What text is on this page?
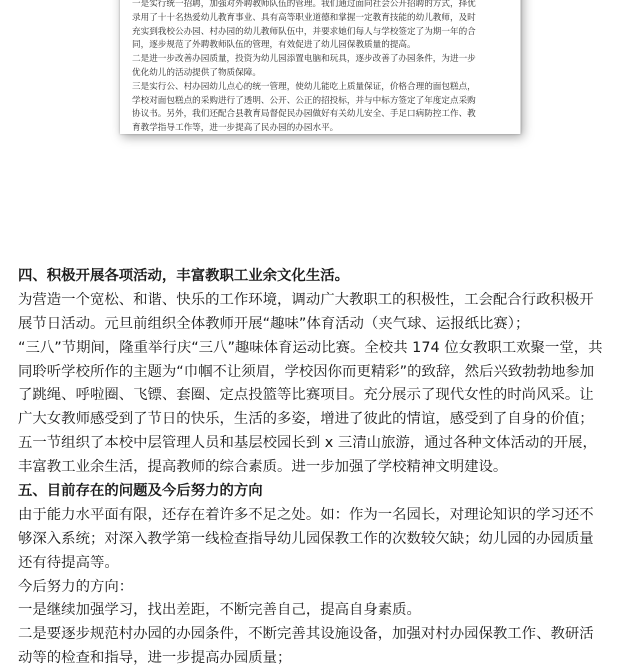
一是实行统一招聘，加强对外聘教师队伍的管理。我们通过面向社会公开招聘的方式，择优
录用了十十名热爱幼儿教育事业、具有高等职业道德和掌握一定教育技能的幼儿教师，及时
充实到我校公办园、村办园的幼儿教师队伍中，并要求她们每人与学校签定了为期一年的合
同，逐步规范了外聘教师队伍的管理，有效促进了幼儿园保教质量的提高。
二是进一步改善办园质量，投资为幼儿园添置电脑和玩具，逐步改善了办园条件，为进一步
优化幼儿的活动提供了物质保障。
三是实行公、村办园幼儿点心的统一管理，使幼儿能吃上质量保证，价格合理的面包糕点，
学校对面包糕点的采购进行了透明、公开、公正的招投标，并与中标方签定了年度定点采购
协议书。另外，我们还配合县教育局督促民办园做好有关幼儿安全、手足口病防控工作、教
育教学指导工作等，进一步提高了民办园的办园水平。
四、积极开展各项活动，丰富教职工业余文化生活。
为营造一个宽松、和谐、快乐的工作环境，调动广大教职工的积极性，工会配合行政积极开
展节日活动。元旦前组织全体教师开展“趣味”体育活动（夹气球、运报纸比赛）；
“三八”节期间，隆重举行庆“三八”趣味体育运动比赛。全校共 174 位女教职工欢聚一堂，共
同聆听学校所作的主题为“巾帼不让须眉，学校因你而更精彩”的致辞，然后兴致勃勃地参加
了跳绳、呼啦圈、飞镖、套圈、定点投篮等比赛项目。充分展示了现代女性的时尚风采。让
广大女教师感受到了节日的快乐，生活的多姿，增进了彼此的情谊，感受到了自身的价值；
五一节组织了本校中层管理人员和基层校园长到 x 三清山旅游，通过各种文体活动的开展，
丰富教工业余生活，提高教师的综合素质。进一步加强了学校精神文明建设。
五、目前存在的问题及今后努力的方向
由于能力水平面有限，还存在着许多不足之处。如：作为一名园长，对理论知识的学习还不
够深入系统；对深入教学第一线检查指导幼儿园保教工作的次数较欠缺；幼儿园的办园质量
还有待提高等。
今后努力的方向：
一是继续加强学习，找出差距，不断完善自己，提高自身素质。
二是要逐步规范村办园的办园条件，不断完善其设施设备，加强对村办园保教工作、教研活
动等的检查和指导，进一步提高办园质量；
